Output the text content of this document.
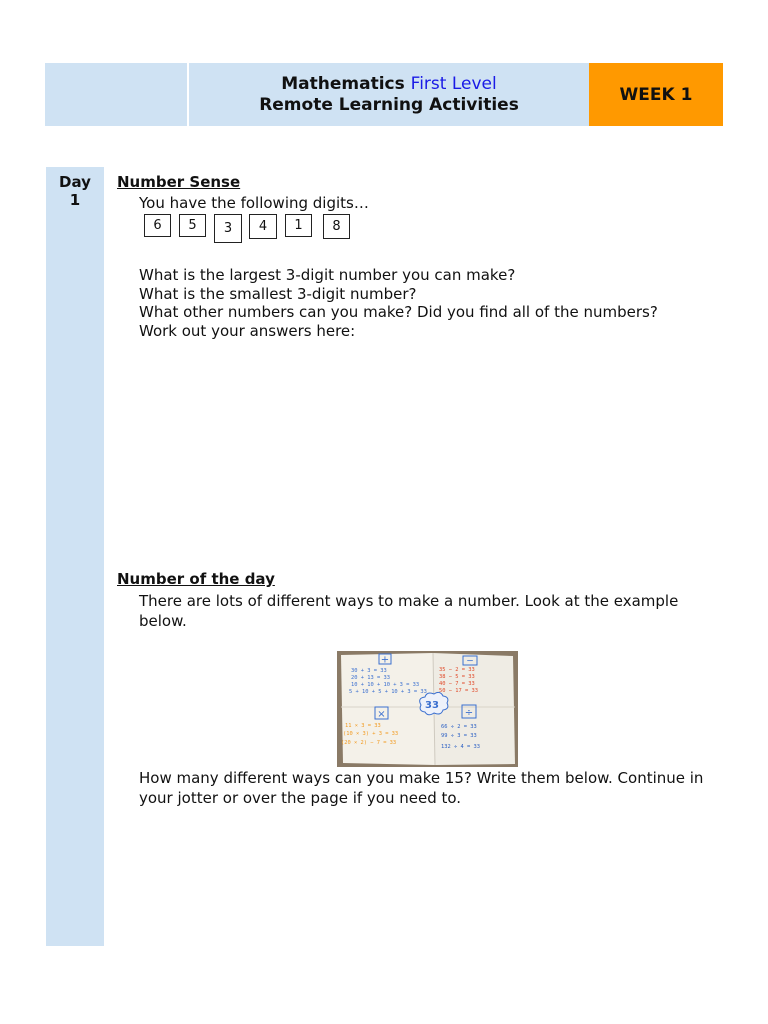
Mathematics First Level
Remote Learning Activities	WEEK 1
Day
1
Number Sense
You have the following digits…
6	5	3	4	1	8
What is the largest 3-digit number you can make?
What is the smallest 3-digit number?
What other numbers can you make? Did you find all of the numbers?
Work out your answers here:
Number of the day
There are lots of different ways to make a number. Look at the example below.
+	−
×	÷
33
30 + 3 = 33
20 + 13 = 33
10 + 10 + 10 + 3 = 33
5 + 10 + 5 + 10 + 3 = 33
35 − 2 = 33
38 − 5 = 33
40 − 7 = 33
50 − 17 = 33
11 × 3 = 33
(10 × 3) + 3 = 33
(20 × 2) − 7 = 33
66 ÷ 2 = 33
99 ÷ 3 = 33
132 ÷ 4 = 33
How many different ways can you make 15? Write them below. Continue in your jotter or over the page if you need to.
